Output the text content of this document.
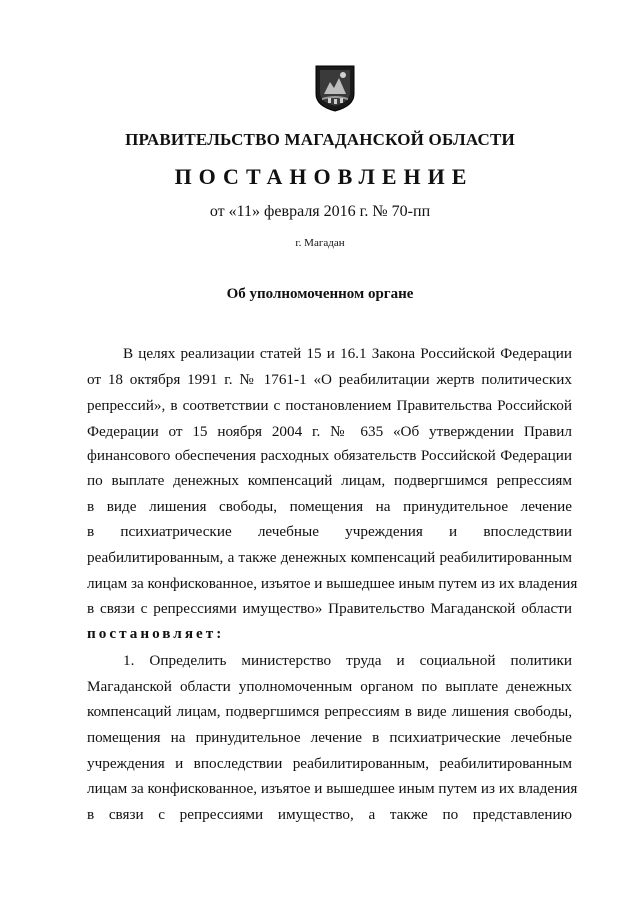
ПРАВИТЕЛЬСТВО МАГАДАНСКОЙ ОБЛАСТИ
ПОСТАНОВЛЕНИЕ
от «11» февраля 2016 г. № 70-пп
г. Магадан
Об уполномоченном органе
В целях реализации статей 15 и 16.1 Закона Российской Федерации
от 18 октября 1991 г. № 1761-1 «О реабилитации жертв политических
репрессий», в соответствии с постановлением Правительства Российской
Федерации от 15 ноября 2004 г. № 635 «Об утверждении Правил
финансового обеспечения расходных обязательств Российской Федерации
по выплате денежных компенсаций лицам, подвергшимся репрессиям
в виде лишения свободы, помещения на принудительное лечение
в психиатрические лечебные учреждения и впоследствии
реабилитированным, а также денежных компенсаций реабилитированным
лицам за конфискованное, изъятое и вышедшее иным путем из их владения
в связи с репрессиями имущество» Правительство Магаданской области
постановляет:
1. Определить министерство труда и социальной политики
Магаданской области уполномоченным органом по выплате денежных
компенсаций лицам, подвергшимся репрессиям в виде лишения свободы,
помещения на принудительное лечение в психиатрические лечебные
учреждения и впоследствии реабилитированным, реабилитированным
лицам за конфискованное, изъятое и вышедшее иным путем из их владения
в связи с репрессиями имущество, а также по представлению
